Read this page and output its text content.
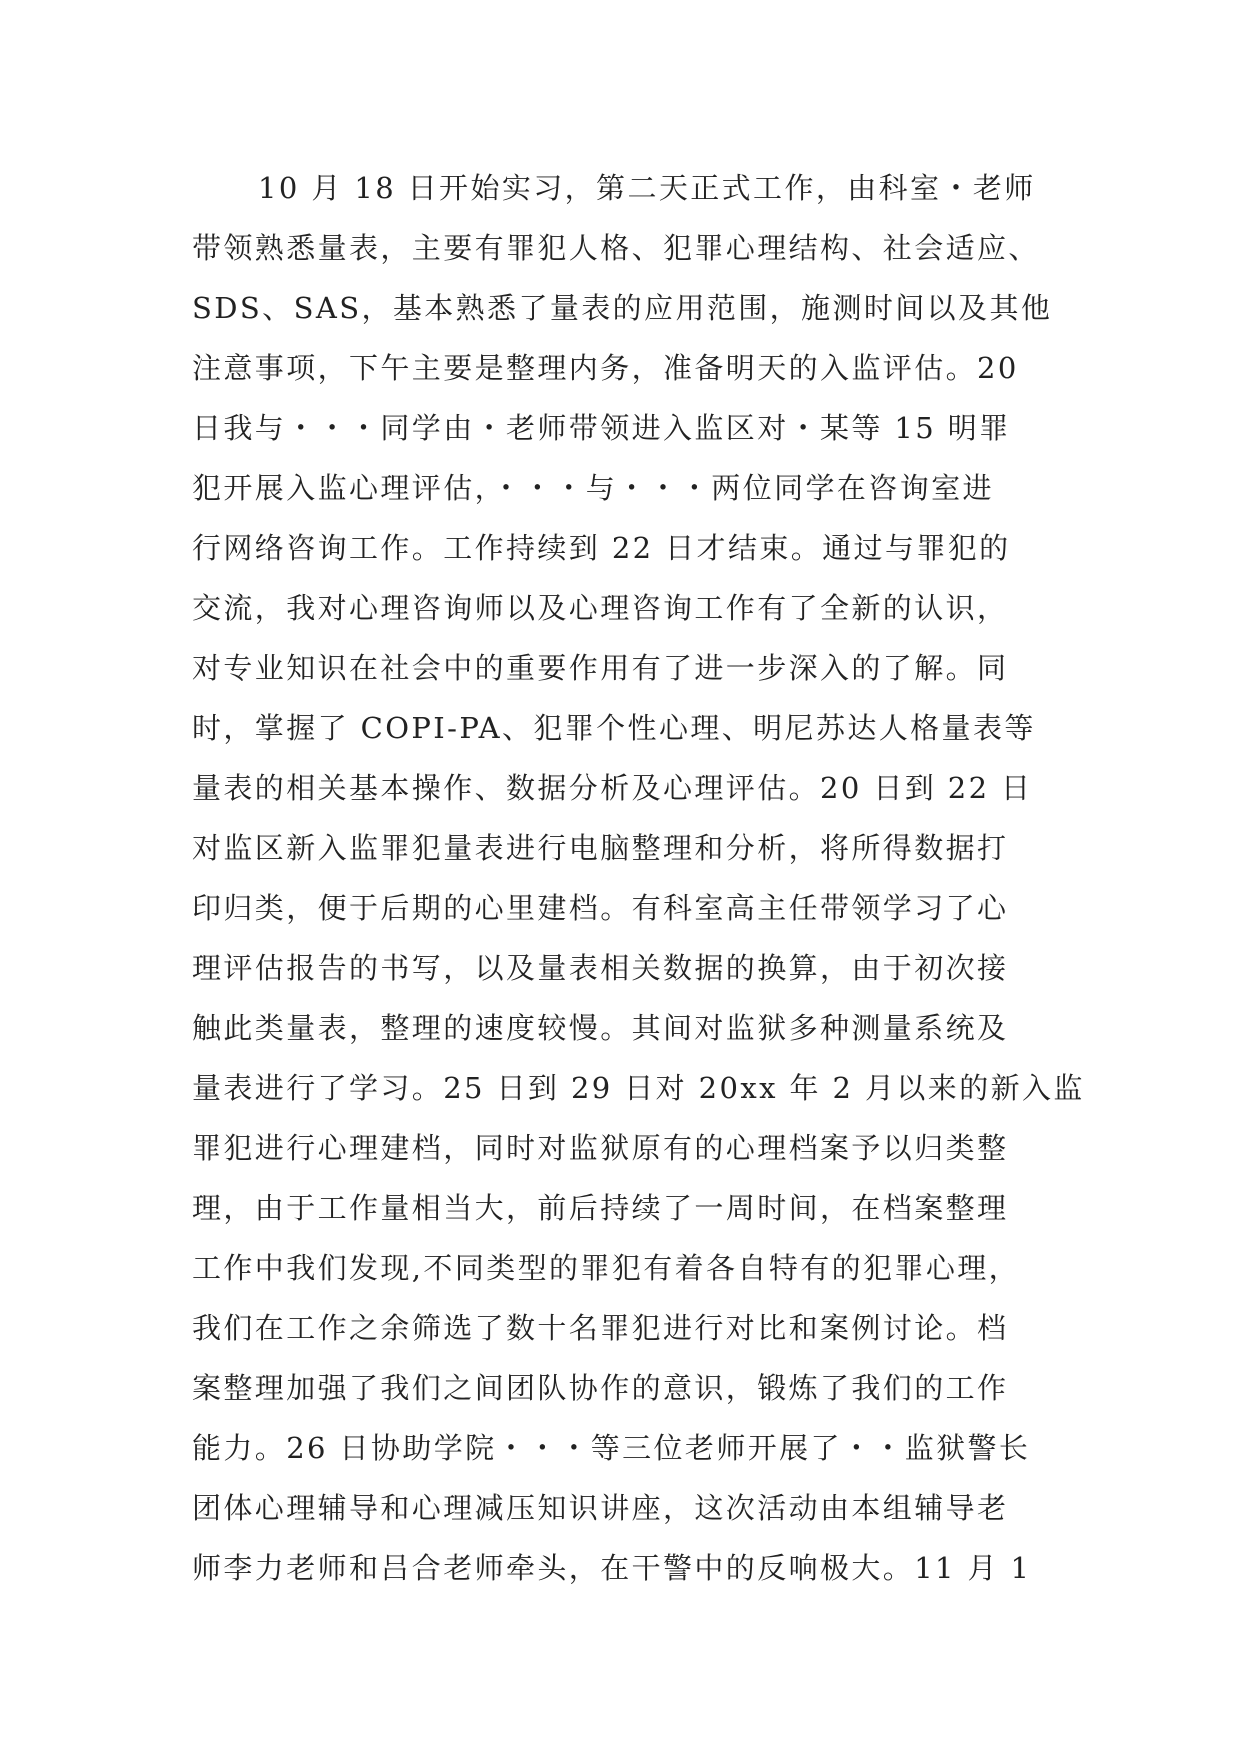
10 月 18 日开始实习，第二天正式工作，由科室・老师
带领熟悉量表，主要有罪犯人格、犯罪心理结构、社会适应、
SDS、SAS，基本熟悉了量表的应用范围，施测时间以及其他
注意事项，下午主要是整理内务，准备明天的入监评估。20
日我与・・・同学由・老师带领进入监区对・某等 15 明罪
犯开展入监心理评估，・・・与・・・两位同学在咨询室进
行网络咨询工作。工作持续到 22 日才结束。通过与罪犯的
交流，我对心理咨询师以及心理咨询工作有了全新的认识，
对专业知识在社会中的重要作用有了进一步深入的了解。同
时，掌握了 COPI-PA、犯罪个性心理、明尼苏达人格量表等
量表的相关基本操作、数据分析及心理评估。20 日到 22 日
对监区新入监罪犯量表进行电脑整理和分析，将所得数据打
印归类，便于后期的心里建档。有科室高主任带领学习了心
理评估报告的书写，以及量表相关数据的换算，由于初次接
触此类量表，整理的速度较慢。其间对监狱多种测量系统及
量表进行了学习。25 日到 29 日对 20xx 年 2 月以来的新入监
罪犯进行心理建档，同时对监狱原有的心理档案予以归类整
理，由于工作量相当大，前后持续了一周时间，在档案整理
工作中我们发现,不同类型的罪犯有着各自特有的犯罪心理，
我们在工作之余筛选了数十名罪犯进行对比和案例讨论。档
案整理加强了我们之间团队协作的意识，锻炼了我们的工作
能力。26 日协助学院・・・等三位老师开展了・・监狱警长
团体心理辅导和心理减压知识讲座，这次活动由本组辅导老
师李力老师和吕合老师牵头，在干警中的反响极大。11 月 1
